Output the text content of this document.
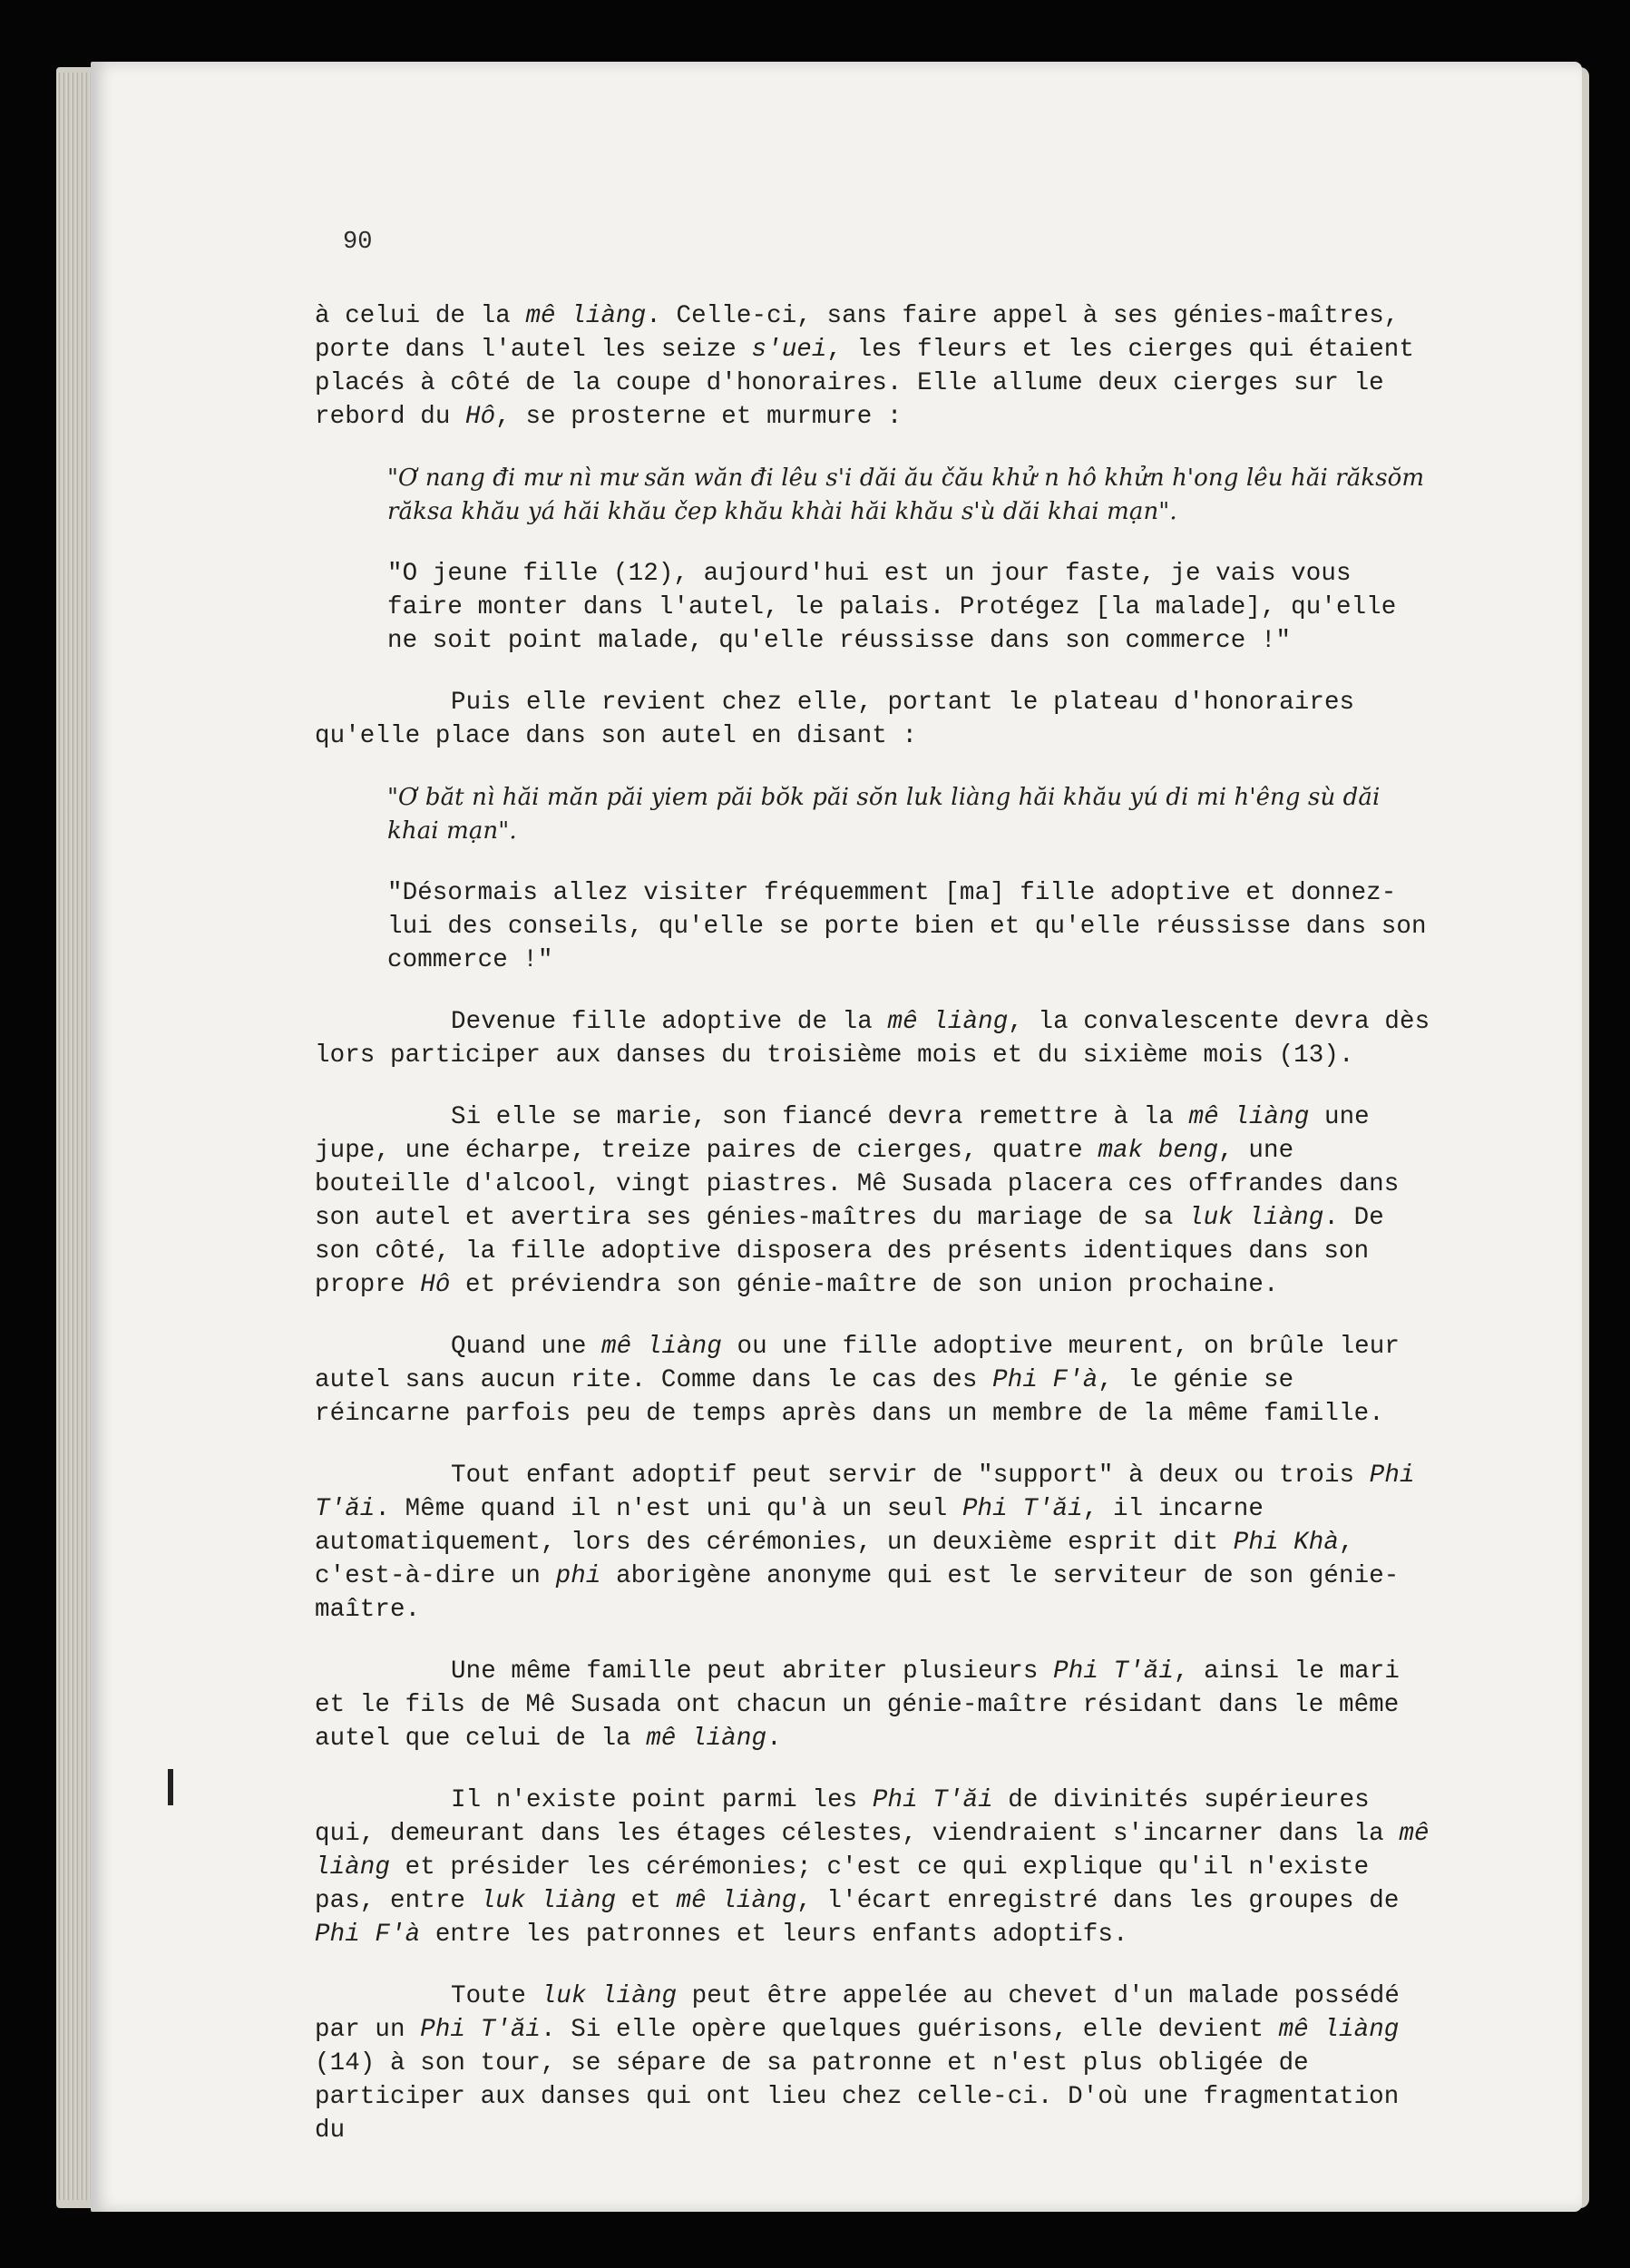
90

à celui de la mê liàng. Celle-ci, sans faire appel à ses génies-maîtres, porte dans l'autel les seize s'uei, les fleurs et les cierges qui étaient placés à côté de la coupe d'honoraires. Elle allume deux cierges sur le rebord du Hô, se prosterne et murmure :

"Ơ nang đi mư nì mư săn wăn đi lêu s'i dăi ău čău khử n hô khửn h'ong lêu hăi răksŏm răksa khău yá hăi khău čep khău khài hăi khău s'ù dăi khai mạn".

"O jeune fille (12), aujourd'hui est un jour faste, je vais vous faire monter dans l'autel, le palais. Protégez [la malade], qu'elle ne soit point malade, qu'elle réussisse dans son commerce !"

Puis elle revient chez elle, portant le plateau d'honoraires qu'elle place dans son autel en disant :

"Ơ băt nì hăi măn păi yiem păi bŏk păi sŏn luk liàng hăi khău yú di mi h'êng sù dăi khai mạn".

"Désormais allez visiter fréquemment [ma] fille adoptive et donnez-lui des conseils, qu'elle se porte bien et qu'elle réussisse dans son commerce !"

Devenue fille adoptive de la mê liàng, la convalescente devra dès lors participer aux danses du troisième mois et du sixième mois (13).

Si elle se marie, son fiancé devra remettre à la mê liàng une jupe, une écharpe, treize paires de cierges, quatre mak beng, une bouteille d'alcool, vingt piastres. Mê Susada placera ces offrandes dans son autel et avertira ses génies-maîtres du mariage de sa luk liàng. De son côté, la fille adoptive disposera des présents identiques dans son propre Hô et préviendra son génie-maître de son union prochaine.

Quand une mê liàng ou une fille adoptive meurent, on brûle leur autel sans aucun rite. Comme dans le cas des Phi F'à, le génie se réincarne parfois peu de temps après dans un membre de la même famille.

Tout enfant adoptif peut servir de "support" à deux ou trois Phi T'ăi. Même quand il n'est uni qu'à un seul Phi T'ăi, il incarne automatiquement, lors des cérémonies, un deuxième esprit dit Phi Khà, c'est-à-dire un phi aborigène anonyme qui est le serviteur de son génie-maître.

Une même famille peut abriter plusieurs Phi T'ăi, ainsi le mari et le fils de Mê Susada ont chacun un génie-maître résidant dans le même autel que celui de la mê liàng.

Il n'existe point parmi les Phi T'ăi de divinités supérieures qui, demeurant dans les étages célestes, viendraient s'incarner dans la mê liàng et présider les cérémonies; c'est ce qui explique qu'il n'existe pas, entre luk liàng et mê liàng, l'écart enregistré dans les groupes de Phi F'à entre les patronnes et leurs enfants adoptifs.

Toute luk liàng peut être appelée au chevet d'un malade possédé par un Phi T'ăi. Si elle opère quelques guérisons, elle devient mê liàng (14) à son tour, se sépare de sa patronne et n'est plus obligée de participer aux danses qui ont lieu chez celle-ci. D'où une fragmentation du
